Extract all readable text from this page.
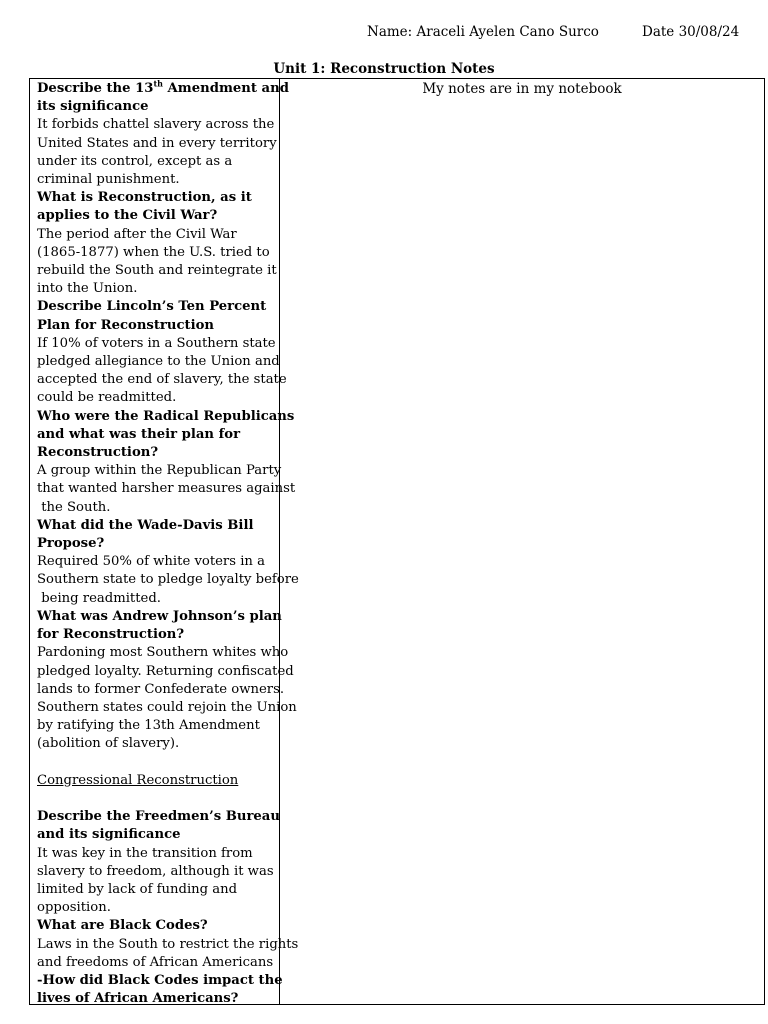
Name: Araceli Ayelen Cano Surco	Date 30/08/24
Unit 1: Reconstruction Notes

Describe the 13th Amendment and
its significance

It forbids chattel slavery across the
United States and in every territory
under its control, except as a
criminal punishment.

What is Reconstruction, as it
applies to the Civil War?

The period after the Civil War
(1865-1877) when the U.S. tried to
rebuild the South and reintegrate it
into the Union.

Describe Lincoln’s Ten Percent
Plan for Reconstruction

If 10% of voters in a Southern state
pledged allegiance to the Union and
accepted the end of slavery, the state
could be readmitted.

Who were the Radical Republicans
and what was their plan for
Reconstruction?

A group within the Republican Party
that wanted harsher measures against
the South.

What did the Wade-Davis Bill
Propose?

Required 50% of white voters in a
Southern state to pledge loyalty before
being readmitted.

What was Andrew Johnson’s plan
for Reconstruction?

Pardoning most Southern whites who
pledged loyalty. Returning confiscated
lands to former Confederate owners.
Southern states could rejoin the Union
by ratifying the 13th Amendment
(abolition of slavery).

Congressional Reconstruction

Describe the Freedmen’s Bureau
and its significance

It was key in the transition from
slavery to freedom, although it was
limited by lack of funding and
opposition.

What are Black Codes?

Laws in the South to restrict the rights
and freedoms of African Americans

-How did Black Codes impact the
lives of African Americans?

My notes are in my notebook
